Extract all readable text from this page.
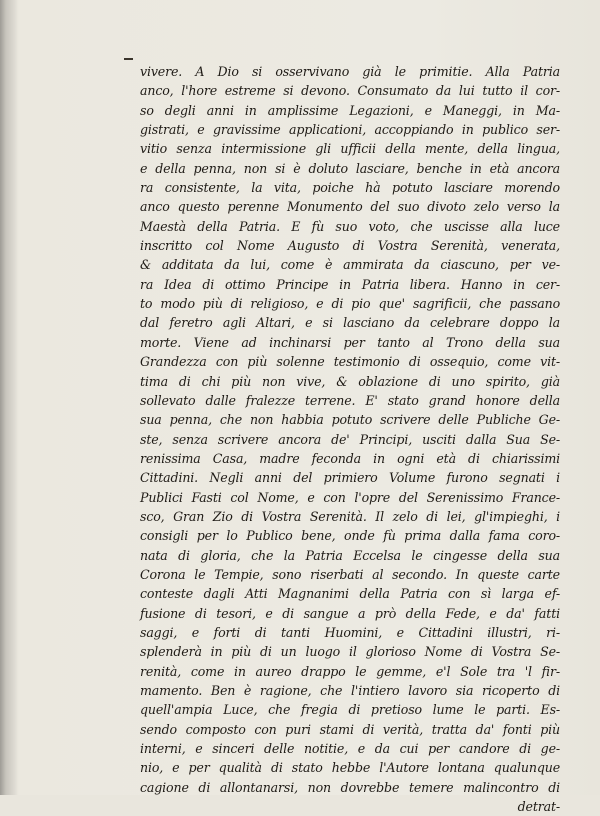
vivere. A Dio si osservivano già le primitie. Alla Patria
anco, l'hore estreme si devono. Consumato da lui tutto il cor-
so degli anni in amplissime Legazioni, e Maneggi, in Ma-
gistrati, e gravissime applicationi, accoppiando in publico ser-
vitio senza intermissione gli ufficii della mente, della lingua,
e della penna, non si è doluto lasciare, benche in età ancora
ra consistente, la vita, poiche hà potuto lasciare morendo
anco questo perenne Monumento del suo divoto zelo verso la
Maestà della Patria. E fù suo voto, che uscisse alla luce
inscritto col Nome Augusto di Vostra Serenità, venerata,
& additata da lui, come è ammirata da ciascuno, per ve-
ra Idea di ottimo Principe in Patria libera. Hanno in cer-
to modo più di religioso, e di pio que' sagrificii, che passano
dal feretro agli Altari, e si lasciano da celebrare doppo la
morte. Viene ad inchinarsi per tanto al Trono della sua
Grandezza con più solenne testimonio di ossequio, come vit-
tima di chi più non vive, & oblazione di uno spirito, già
sollevato dalle fralezze terrene. E' stato grand honore della
sua penna, che non habbia potuto scrivere delle Publiche Ge-
ste, senza scrivere ancora de' Principi, usciti dalla Sua Se-
renissima Casa, madre feconda in ogni età di chiarissimi
Cittadini. Negli anni del primiero Volume furono segnati i
Publici Fasti col Nome, e con l'opre del Serenissimo France-
sco, Gran Zio di Vostra Serenità. Il zelo di lei, gl'impieghi, i
consigli per lo Publico bene, onde fù prima dalla fama coro-
nata di gloria, che la Patria Eccelsa le cingesse della sua
Corona le Tempie, sono riserbati al secondo. In queste carte
conteste dagli Atti Magnanimi della Patria con sì larga ef-
fusione di tesori, e di sangue a prò della Fede, e da' fatti
saggi, e forti di tanti Huomini, e Cittadini illustri, ri-
splenderà in più di un luogo il glorioso Nome di Vostra Se-
renità, come in aureo drappo le gemme, e'l Sole tra 'l fir-
mamento. Ben è ragione, che l'intiero lavoro sia ricoperto di
quell'ampia Luce, che fregia di pretioso lume le parti. Es-
sendo composto con puri stami di verità, tratta da' fonti più
interni, e sinceri delle notitie, e da cui per candore di ge-
nio, e per qualità di stato hebbe l'Autore lontana qualunque
cagione di allontanarsi, non dovrebbe temere malincontro di
detrat-
